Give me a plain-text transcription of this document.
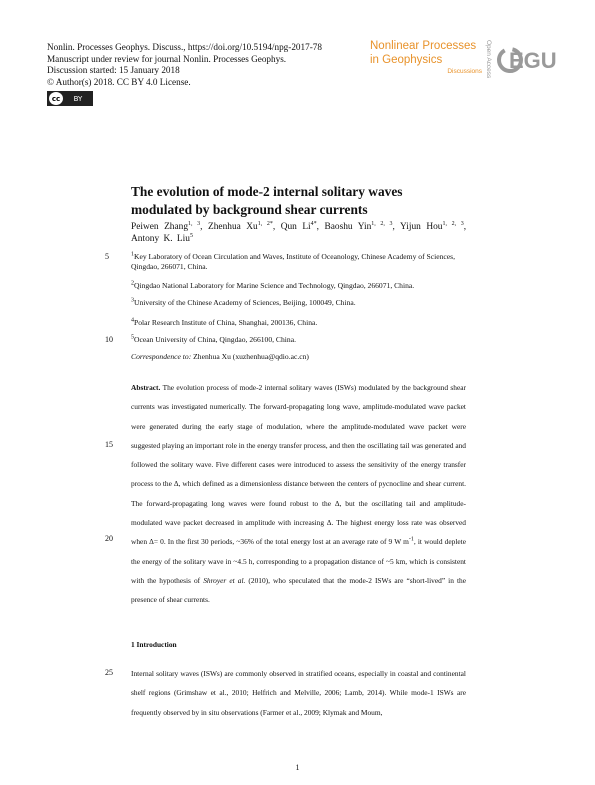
Nonlin. Processes Geophys. Discuss., https://doi.org/10.5194/npg-2017-78
Manuscript under review for journal Nonlin. Processes Geophys.
Discussion started: 15 January 2018
© Author(s) 2018. CC BY 4.0 License.
cc	BY
Nonlinear Processes
in Geophysics
Discussions Open Access EGU
The evolution of mode-2 internal solitary waves
modulated by background shear currents
Peiwen Zhang$^{1, 3}$, Zhenhua $Xu^{1, 2*}$, Qun $Li^{4*}$, Baoshu Yin$^{1, 2, 3}$, Yijun Hou$^{1, 2, 3}$, Antony K. Liu$^5$
5
10
15
20
25
$^1$Key Laboratory of Ocean Circulation and Waves, Institute of Oceanology, Chinese Academy of Sciences, Qingdao, 266071, China.
$^2$Qingdao National Laboratory for Marine Science and Technology, Qingdao, 266071, China.
$^3$University of the Chinese Academy of Sciences, Beijing, 100049, China.
$^4$Polar Research Institute of China, Shanghai, 200136, China.
$^5$Ocean University of China, Qingdao, 266100, China.
Correspondence to: Zhenhua Xu (xuzhenhua@qdio.ac.cn)
Abstract. The evolution process of mode-2 internal solitary waves (ISWs) modulated by the background shear currents was investigated numerically. The forward-propagating long wave, amplitude-modulated wave packet were generated during the early stage of modulation, where the amplitude-modulated wave packet were suggested playing an important role in the energy transfer process, and then the oscillating tail was generated and followed the solitary wave. Five different cases were introduced to assess the sensitivity of the energy transfer process to the Δ, which defined as a dimensionless distance between the centers of pycnocline and shear current. The forward-propagating long waves were found robust to the Δ, but the oscillating tail and amplitude-modulated wave packet decreased in amplitude with increasing Δ. The highest energy loss rate was observed when Δ= 0. In the first 30 periods, ~36% of the total energy lost at an average rate of 9 W $m^{-1}$, it would deplete the energy of the solitary wave in ~4.5 h, corresponding to a propagation distance of ~5 km, which is consistent with the hypothesis of Shroyer et al. (2010), who speculated that the mode-2 ISWs are “short-lived” in the presence of shear currents.
1 Introduction
Internal solitary waves (ISWs) are commonly observed in stratified oceans, especially in coastal and continental shelf regions (Grimshaw et al., 2010; Helfrich and Melville, 2006; Lamb, 2014). While mode-1 ISWs are frequently observed by in situ observations (Farmer et al., 2009; Klymak and Moum,
1
